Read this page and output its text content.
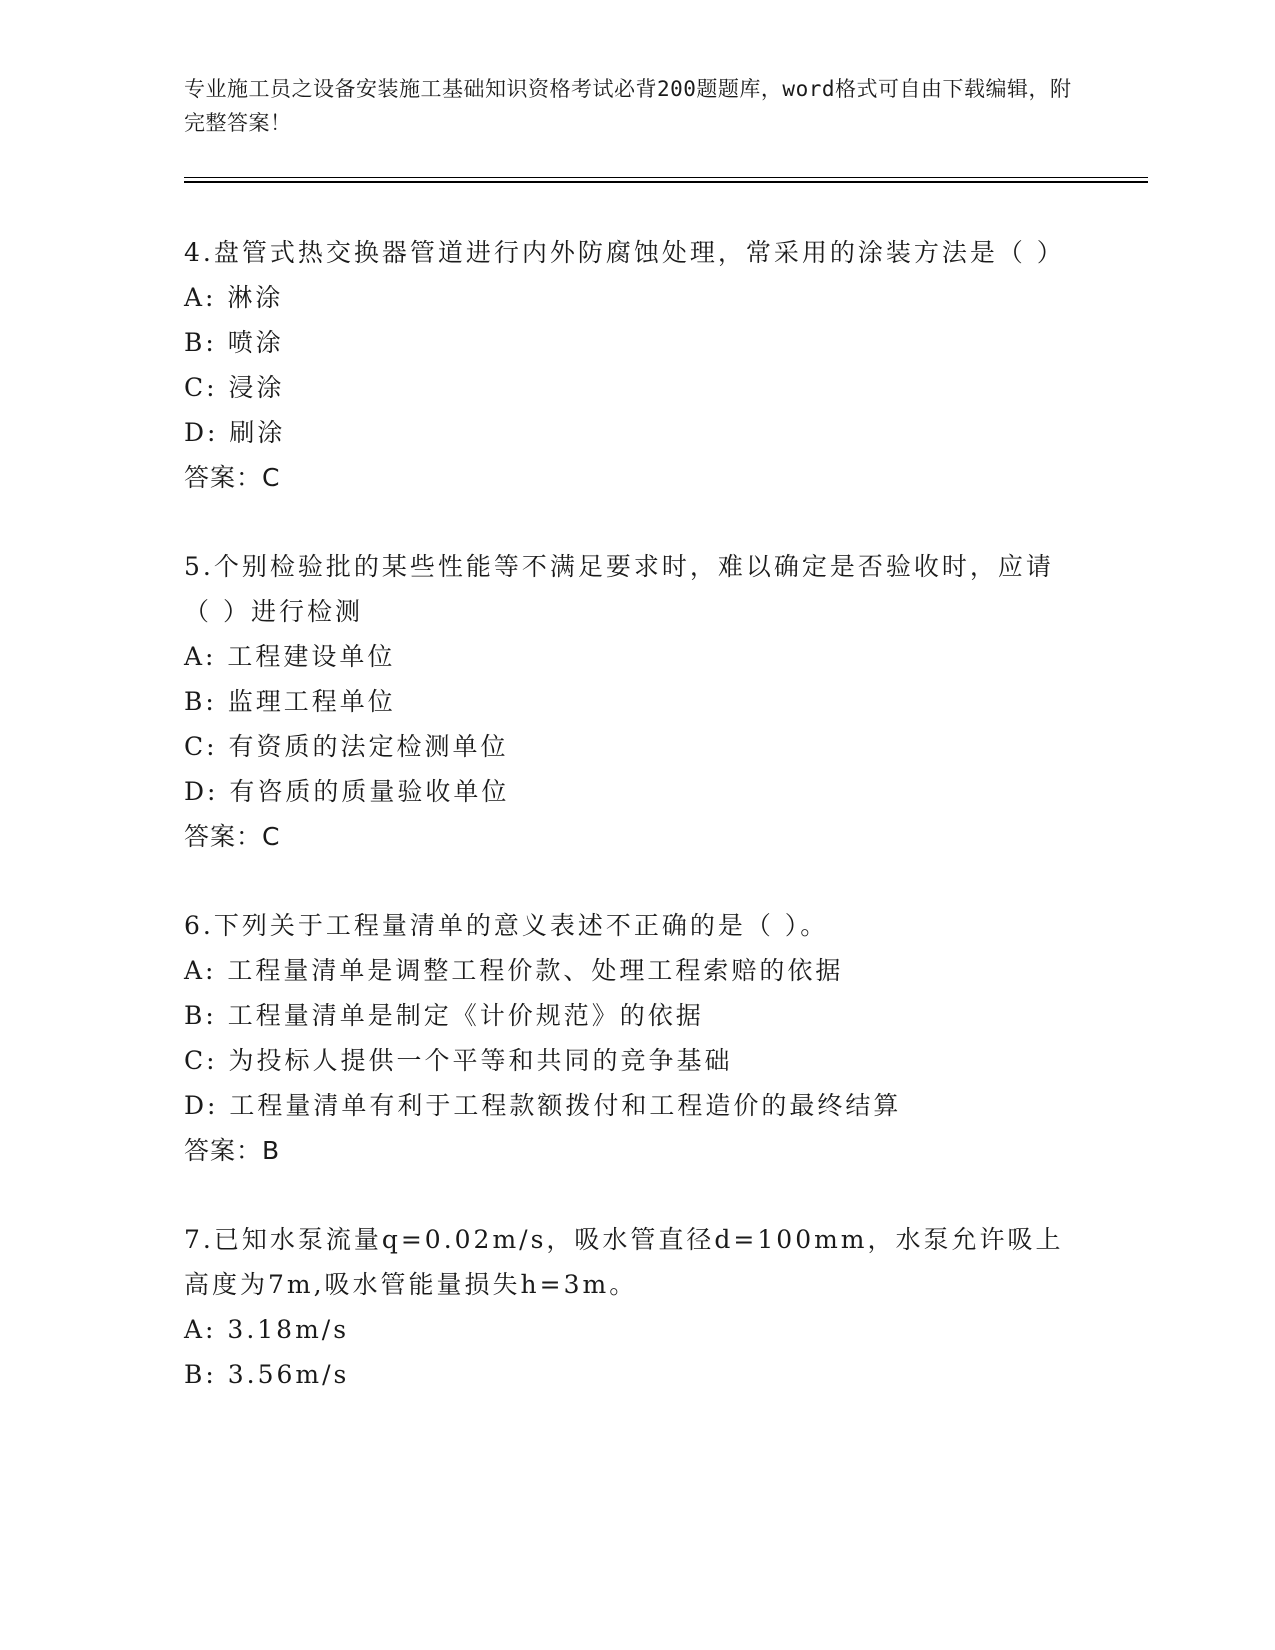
专业施工员之设备安装施工基础知识资格考试必背200题题库，word格式可自由下载编辑，附完整答案！
4.盘管式热交换器管道进行内外防腐蚀处理，常采用的涂装方法是（ ）
A: 淋涂
B: 喷涂
C: 浸涂
D: 刷涂
答案：C
5.个别检验批的某些性能等不满足要求时，难以确定是否验收时，应请（ ）进行检测
A: 工程建设单位
B: 监理工程单位
C: 有资质的法定检测单位
D: 有咨质的质量验收单位
答案：C
6.下列关于工程量清单的意义表述不正确的是（ ）。
A: 工程量清单是调整工程价款、处理工程索赔的依据
B: 工程量清单是制定《计价规范》的依据
C: 为投标人提供一个平等和共同的竞争基础
D: 工程量清单有利于工程款额拨付和工程造价的最终结算
答案：B
7.已知水泵流量q=0.02m/s，吸水管直径d=100mm，水泵允许吸上高度为7m,吸水管能量损失h=3m。
A: 3.18m/s
B: 3.56m/s
